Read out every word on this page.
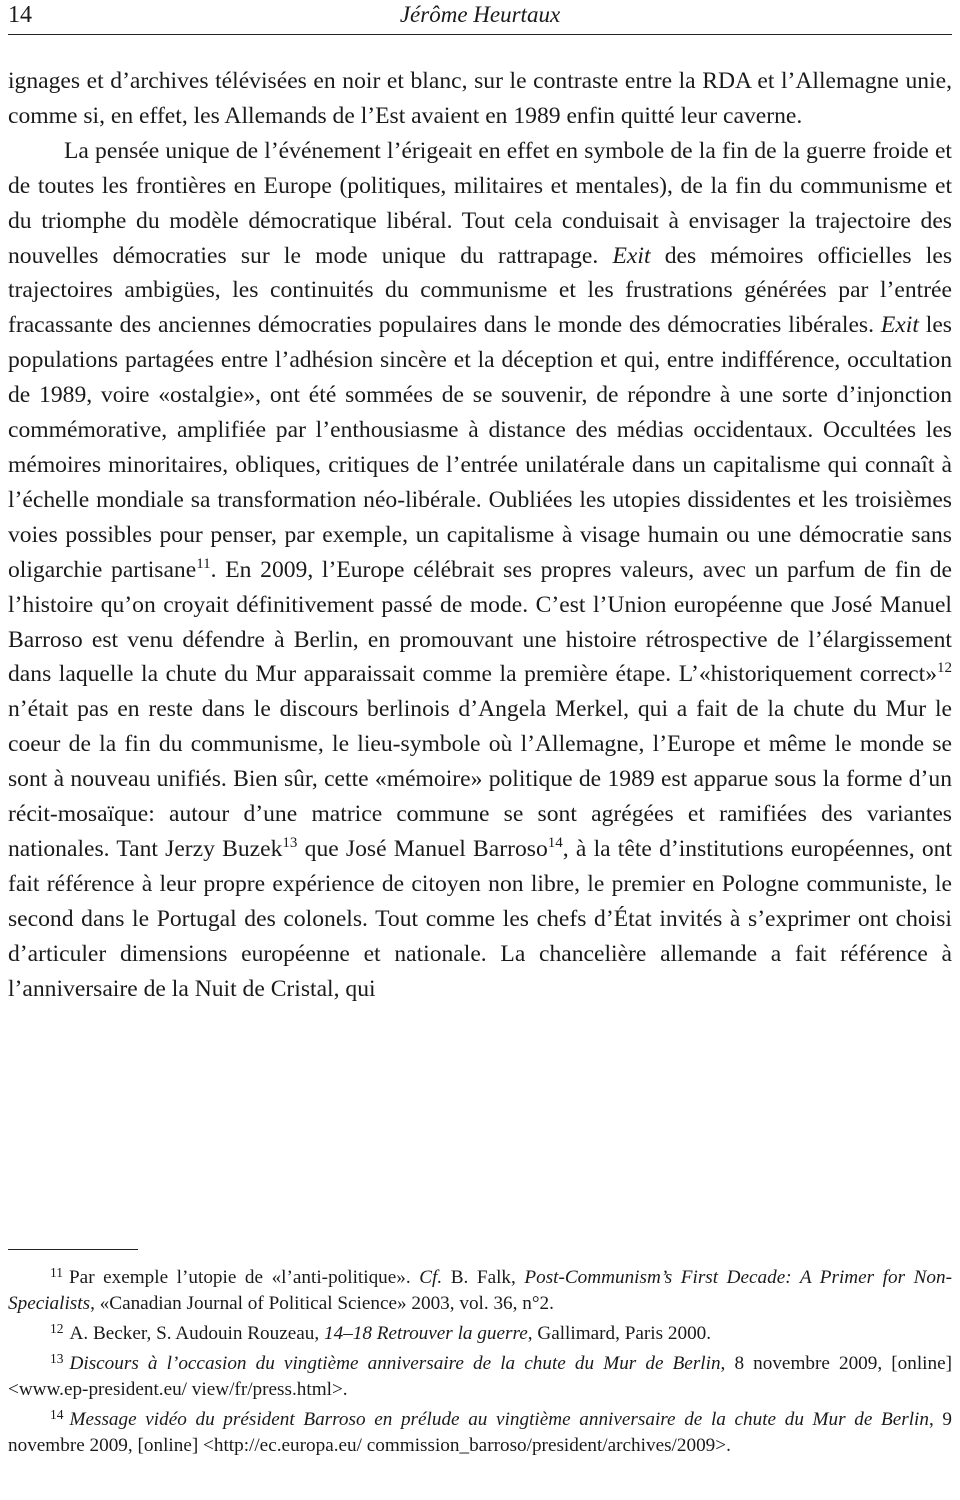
14	Jérôme Heurtaux

ignages et d’archives télévisées en noir et blanc, sur le contraste entre la RDA et l’Allemagne unie, comme si, en effet, les Allemands de l’Est avaient en 1989 enfin quitté leur caverne.

La pensée unique de l’événement l’érigeait en effet en symbole de la fin de la guerre froide et de toutes les frontières en Europe (politiques, militaires et mentales), de la fin du communisme et du triomphe du modèle démocratique libéral. Tout cela conduisait à envisager la trajectoire des nouvelles démocraties sur le mode unique du rattrapage. Exit des mémoires officielles les trajectoires ambigües, les continuités du communisme et les frustrations générées par l’entrée fracassante des anciennes démocraties populaires dans le monde des démocraties libérales. Exit les populations partagées entre l’adhésion sincère et la déception et qui, entre indifférence, occultation de 1989, voire «ostalgie», ont été sommées de se souvenir, de répondre à une sorte d’injonction commémorative, amplifiée par l’enthousiasme à distance des médias occidentaux. Occultées les mémoires minoritaires, obliques, critiques de l’entrée unilatérale dans un capitalisme qui connaît à l’échelle mondiale sa transformation néo-libérale. Oubliées les utopies dissidentes et les troisièmes voies possibles pour penser, par exemple, un capitalisme à visage humain ou une démocratie sans oligarchie partisane$^{11}$. En 2009, l’Europe célébrait ses propres valeurs, avec un parfum de fin de l’histoire qu’on croyait définitivement passé de mode. C’est l’Union européenne que José Manuel Barroso est venu défendre à Berlin, en promouvant une histoire rétrospective de l’élargissement dans laquelle la chute du Mur apparaissait comme la première étape. L’«historiquement correct»$^{12}$ n’était pas en reste dans le discours berlinois d’Angela Merkel, qui a fait de la chute du Mur le coeur de la fin du communisme, le lieu-symbole où l’Allemagne, l’Europe et même le monde se sont à nouveau unifiés. Bien sûr, cette «mémoire» politique de 1989 est apparue sous la forme d’un récit-mosaïque: autour d’une matrice commune se sont agrégées et ramifiées des variantes nationales. Tant Jerzy Buzek$^{13}$ que José Manuel Barroso$^{14}$, à la tête d’institutions européennes, ont fait référence à leur propre expérience de citoyen non libre, le premier en Pologne communiste, le second dans le Portugal des colonels. Tout comme les chefs d’État invités à s’exprimer ont choisi d’articuler dimensions européenne et nationale. La chancelière allemande a fait référence à l’anniversaire de la Nuit de Cristal, qui

11 Par exemple l’utopie de «l’anti-politique». Cf. B. Falk, Post-Communism’s First Decade: A Primer for Non-Specialists, «Canadian Journal of Political Science» 2003, vol. 36, n°2.

12 A. Becker, S. Audouin Rouzeau, 14–18 Retrouver la guerre, Gallimard, Paris 2000.

13 Discours à l’occasion du vingtième anniversaire de la chute du Mur de Berlin, 8 novembre 2009, [online] <www.ep-president.eu/ view/fr/press.html>.

14 Message vidéo du président Barroso en prélude au vingtième anniversaire de la chute du Mur de Berlin, 9 novembre 2009, [online] <http://ec.europa.eu/ commission_barroso/president/archives/2009>.
